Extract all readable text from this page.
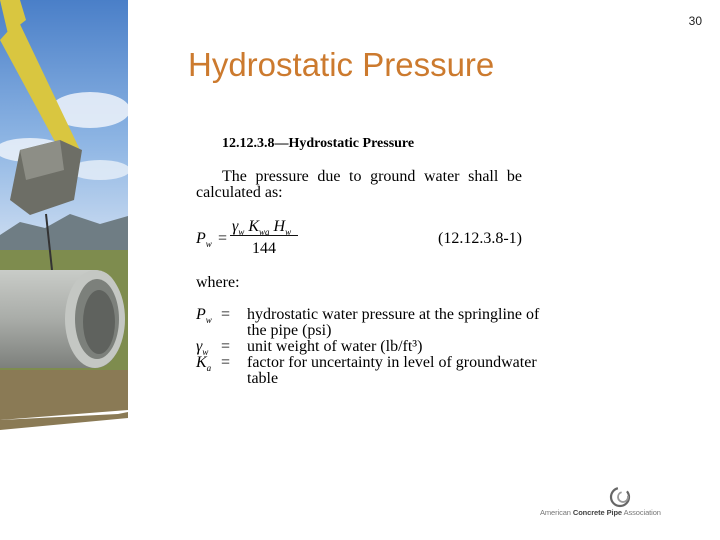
30
Hydrostatic Pressure
12.12.3.8—Hydrostatic Pressure
The pressure due to ground water shall be
calculated as:
$P_w$ =
$\gamma_w$ $K_{wa}$ $H_w$
144
(12.12.3.8-1)
where:
$P_w$ = hydrostatic water pressure at the springline of
the pipe (psi)
$\gamma_w$ = unit weight of water (lb/ft³)
$K_a$ = factor for uncertainty in level of groundwater
table
American Concrete Pipe Association
